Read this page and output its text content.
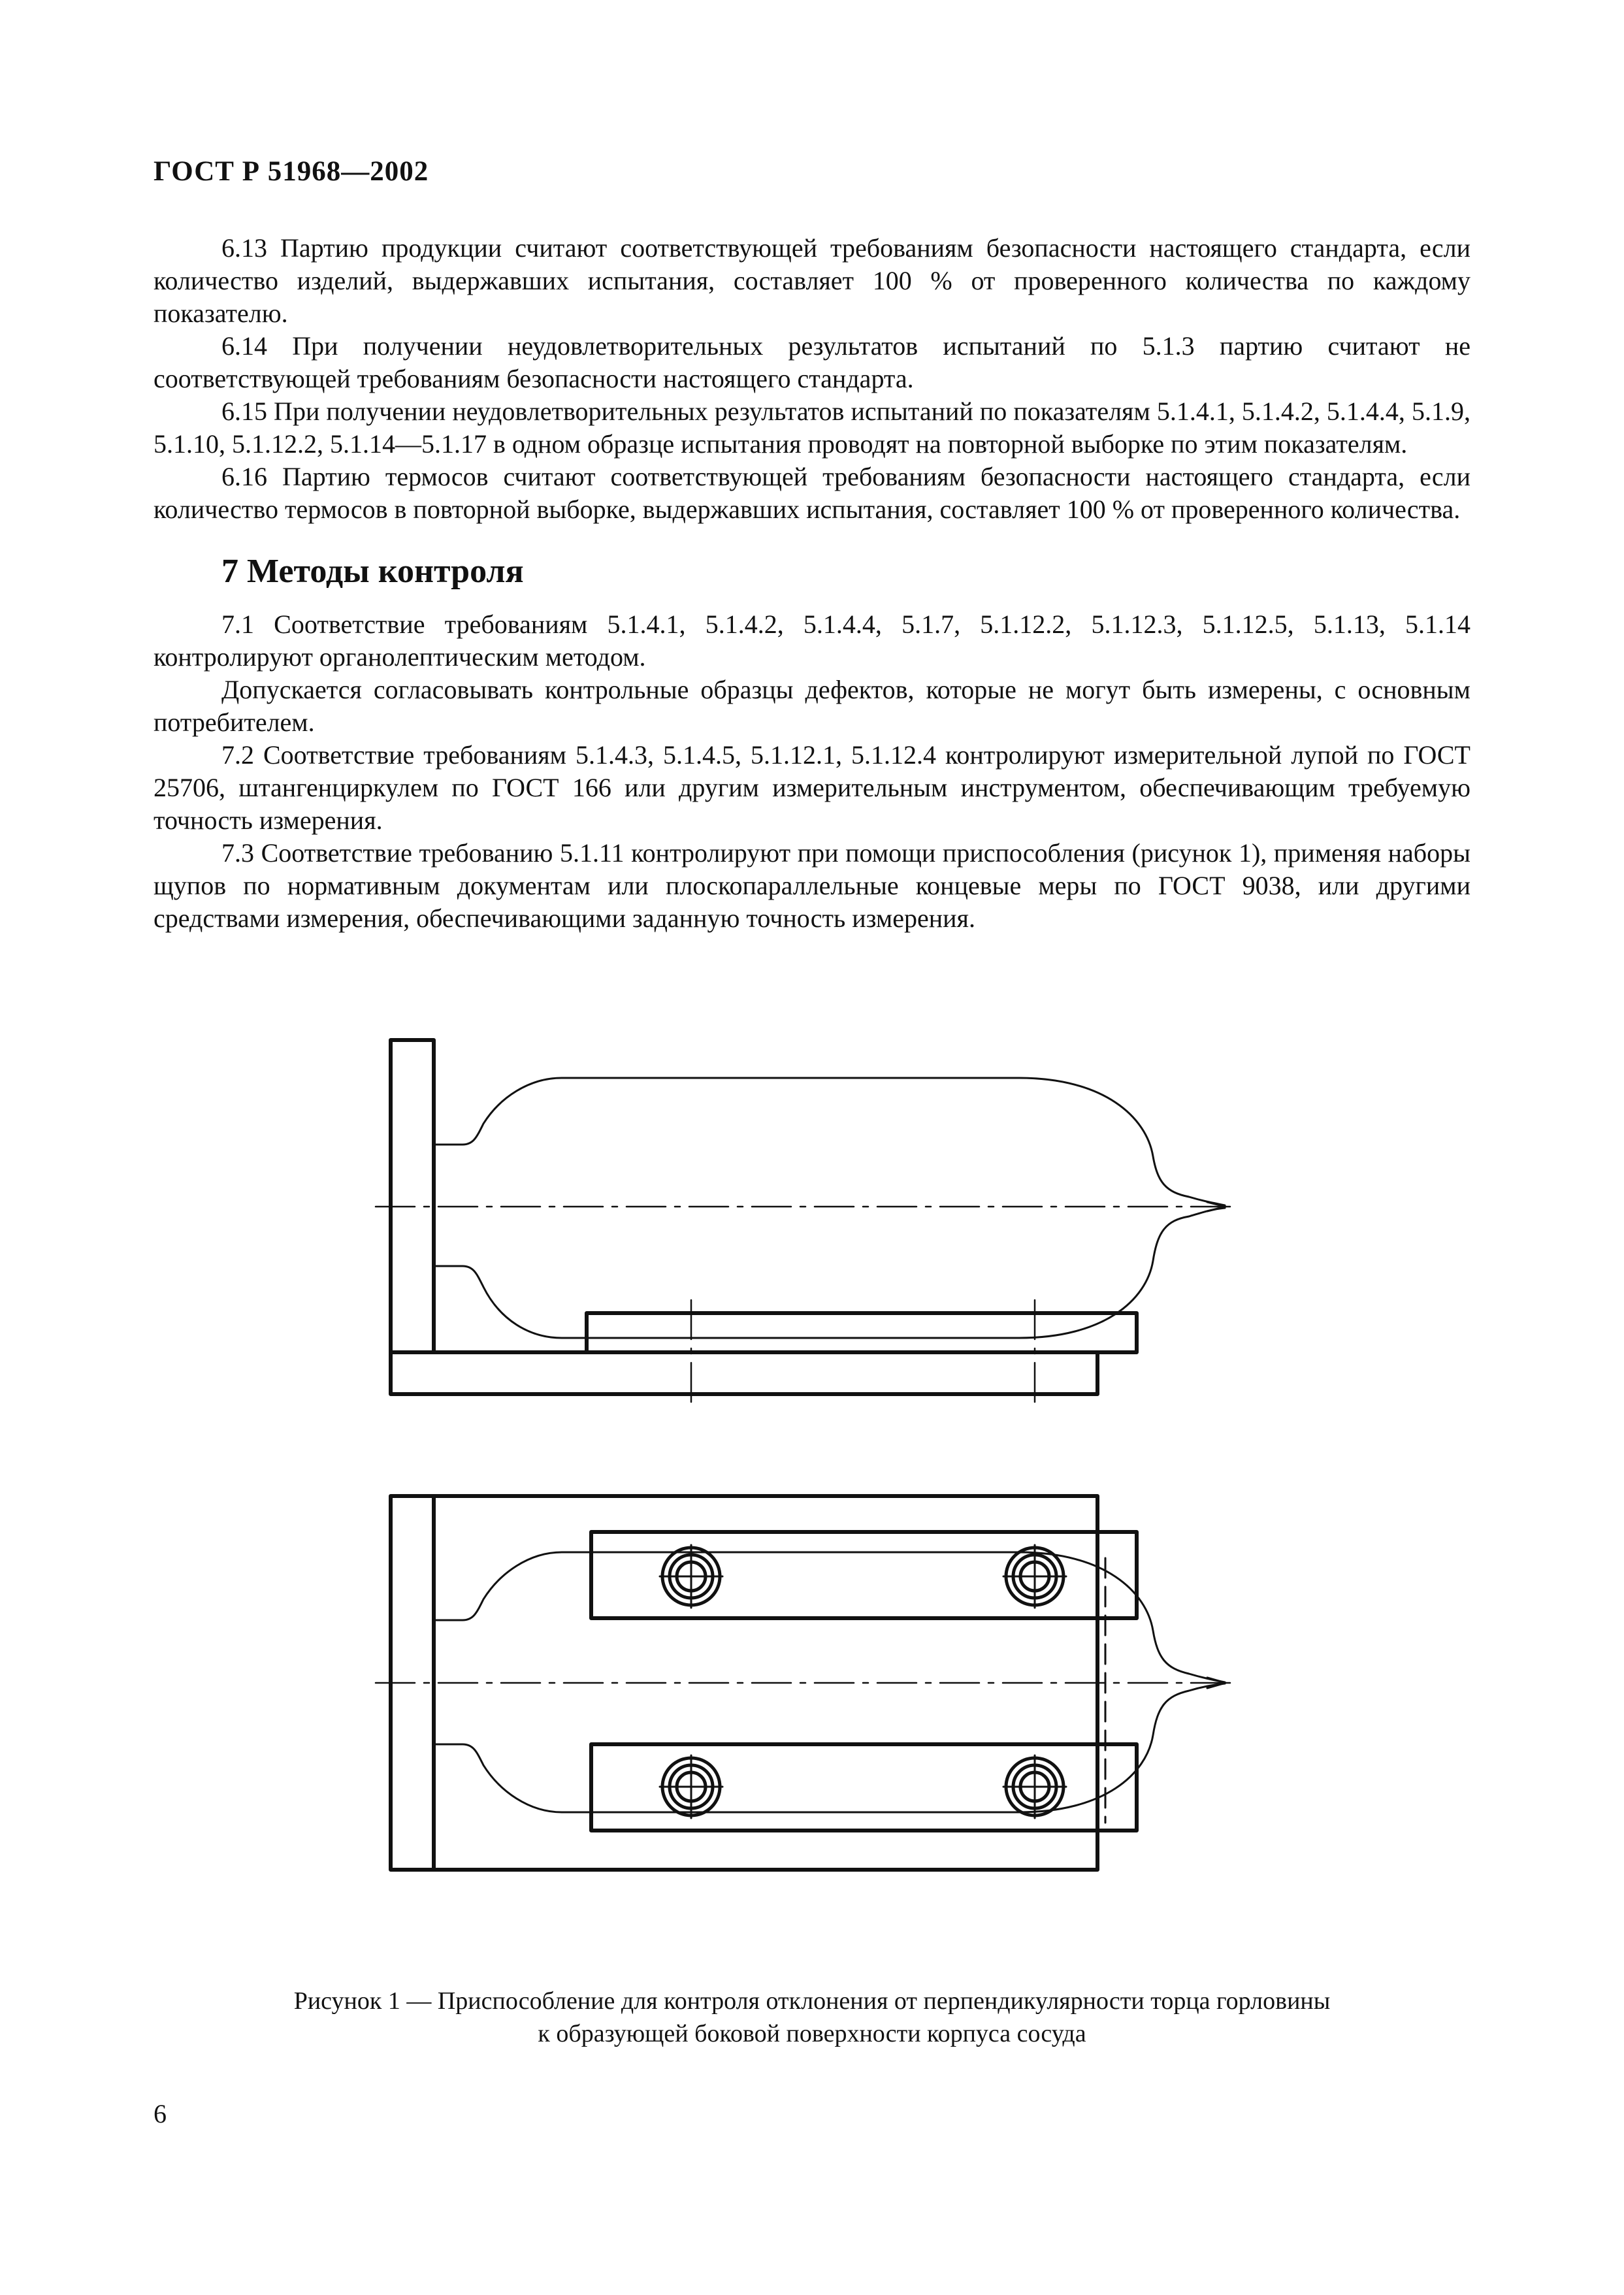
ГОСТ Р 51968—2002

6.13 Партию продукции считают соответствующей требованиям безопасности настоящего стандарта, если количество изделий, выдержавших испытания, составляет 100 % от проверенного количества по каждому показателю.

6.14 При получении неудовлетворительных результатов испытаний по 5.1.3 партию считают не соответствующей требованиям безопасности настоящего стандарта.

6.15 При получении неудовлетворительных результатов испытаний по показателям 5.1.4.1, 5.1.4.2, 5.1.4.4, 5.1.9, 5.1.10, 5.1.12.2, 5.1.14—5.1.17 в одном образце испытания проводят на повторной выборке по этим показателям.

6.16 Партию термосов считают соответствующей требованиям безопасности настоящего стандарта, если количество термосов в повторной выборке, выдержавших испытания, составляет 100 % от проверенного количества.

7 Методы контроля

7.1 Соответствие требованиям 5.1.4.1, 5.1.4.2, 5.1.4.4, 5.1.7, 5.1.12.2, 5.1.12.3, 5.1.12.5, 5.1.13, 5.1.14 контролируют органолептическим методом.

Допускается согласовывать контрольные образцы дефектов, которые не могут быть измерены, с основным потребителем.

7.2 Соответствие требованиям 5.1.4.3, 5.1.4.5, 5.1.12.1, 5.1.12.4 контролируют измерительной лупой по ГОСТ 25706, штангенциркулем по ГОСТ 166 или другим измерительным инструментом, обеспечивающим требуемую точность измерения.

7.3 Соответствие требованию 5.1.11 контролируют при помощи приспособления (рисунок 1), применяя наборы щупов по нормативным документам или плоскопараллельные концевые меры по ГОСТ 9038, или другими средствами измерения, обеспечивающими заданную точность измерения.

Рисунок 1 — Приспособление для контроля отклонения от перпендикулярности торца горловины
к образующей боковой поверхности корпуса сосуда
6
